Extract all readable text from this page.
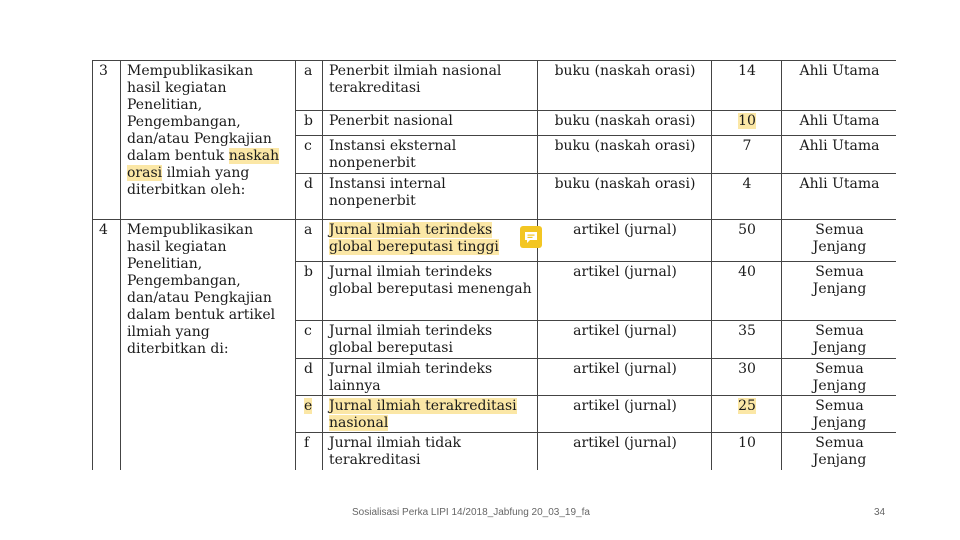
3	Mempublikasikan hasil kegiatan Penelitian, Pengembangan, dan/atau Pengkajian dalam bentuk naskah orasi ilmiah yang diterbitkan oleh:	a	Penerbit ilmiah nasional terakreditasi	buku (naskah orasi)	14	Ahli Utama
		b	Penerbit nasional	buku (naskah orasi)	10	Ahli Utama
		c	Instansi eksternal nonpenerbit	buku (naskah orasi)	7	Ahli Utama
		d	Instansi internal nonpenerbit	buku (naskah orasi)	4	Ahli Utama
4	Mempublikasikan hasil kegiatan Penelitian, Pengembangan, dan/atau Pengkajian dalam bentuk artikel ilmiah yang diterbitkan di:	a	Jurnal ilmiah terindeks global bereputasi tinggi	artikel (jurnal)	50	Semua Jenjang
		b	Jurnal ilmiah terindeks global bereputasi menengah	artikel (jurnal)	40	Semua Jenjang
		c	Jurnal ilmiah terindeks global bereputasi	artikel (jurnal)	35	Semua Jenjang
		d	Jurnal ilmiah terindeks lainnya	artikel (jurnal)	30	Semua Jenjang
		e	Jurnal ilmiah terakreditasi nasional	artikel (jurnal)	25	Semua Jenjang
		f	Jurnal ilmiah tidak terakreditasi	artikel (jurnal)	10	Semua Jenjang
Sosialisasi Perka LIPI 14/2018_Jabfung 20_03_19_fa	34
